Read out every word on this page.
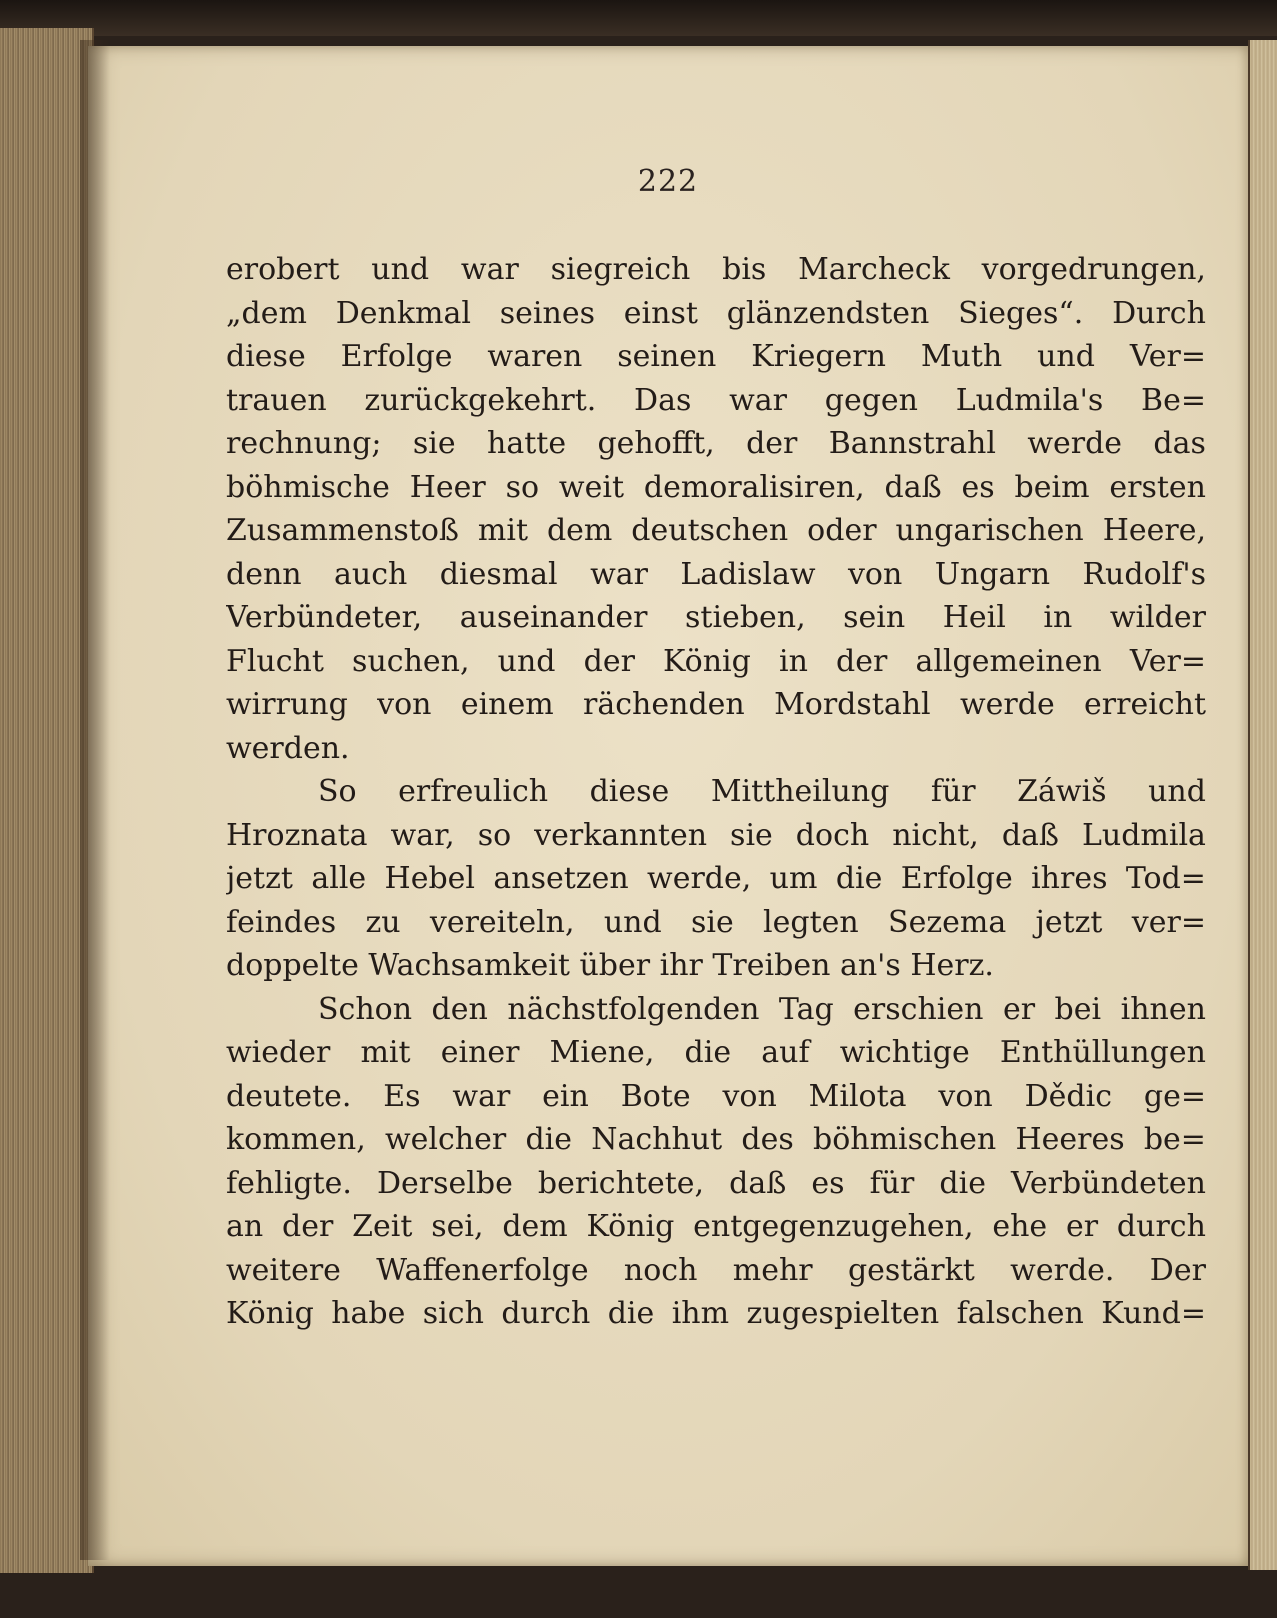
222
erobert und war siegreich bis Marcheck vorgedrungen,
„dem Denkmal seines einst glänzendsten Sieges“. Durch
diese Erfolge waren seinen Kriegern Muth und Ver=
trauen zurückgekehrt. Das war gegen Ludmila's Be=
rechnung; sie hatte gehofft, der Bannstrahl werde das
böhmische Heer so weit demoralisiren, daß es beim ersten
Zusammenstoß mit dem deutschen oder ungarischen Heere,
denn auch diesmal war Ladislaw von Ungarn Rudolf's
Verbündeter, auseinander stieben, sein Heil in wilder
Flucht suchen, und der König in der allgemeinen Ver=
wirrung von einem rächenden Mordstahl werde erreicht
werden.
So erfreulich diese Mittheilung für Záwiš und
Hroznata war, so verkannten sie doch nicht, daß Ludmila
jetzt alle Hebel ansetzen werde, um die Erfolge ihres Tod=
feindes zu vereiteln, und sie legten Sezema jetzt ver=
doppelte Wachsamkeit über ihr Treiben an's Herz.
Schon den nächstfolgenden Tag erschien er bei ihnen
wieder mit einer Miene, die auf wichtige Enthüllungen
deutete. Es war ein Bote von Milota von Dědic ge=
kommen, welcher die Nachhut des böhmischen Heeres be=
fehligte. Derselbe berichtete, daß es für die Verbündeten
an der Zeit sei, dem König entgegenzugehen, ehe er durch
weitere Waffenerfolge noch mehr gestärkt werde. Der
König habe sich durch die ihm zugespielten falschen Kund=
